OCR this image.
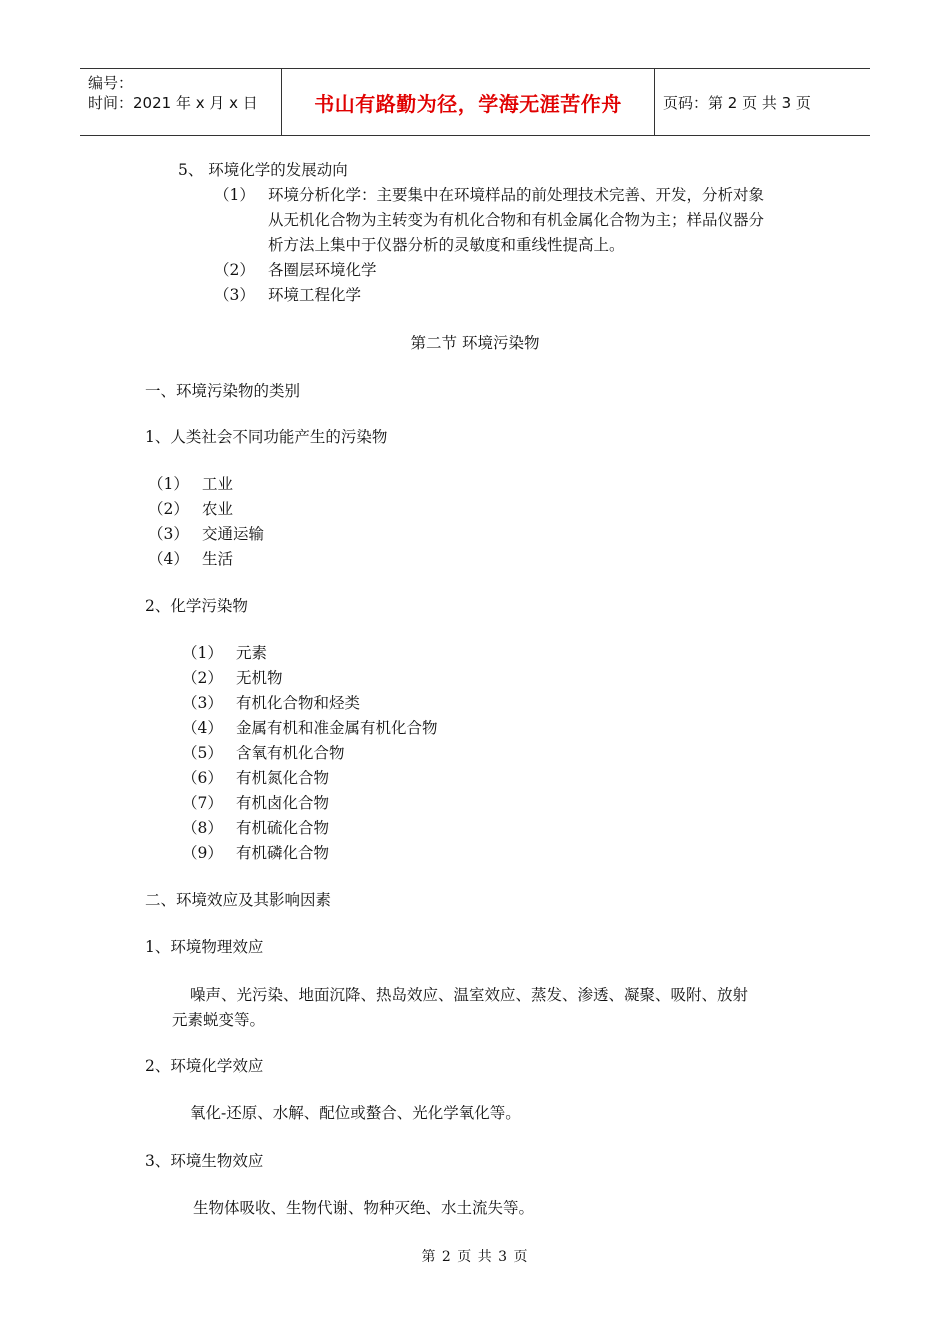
编号：
时间：2021 年 x 月 x 日	书山有路勤为径，学海无涯苦作舟	页码：第 2 页 共 3 页
5、 环境化学的发展动向
（1） 环境分析化学：主要集中在环境样品的前处理技术完善、开发，分析对象
从无机化合物为主转变为有机化合物和有机金属化合物为主；样品仪器分
析方法上集中于仪器分析的灵敏度和重线性提高上。
（2） 各圈层环境化学
（3） 环境工程化学
第二节 环境污染物
一、环境污染物的类别
1、人类社会不同功能产生的污染物
（1） 工业
（2） 农业
（3） 交通运输
（4） 生活
2、化学污染物
（1） 元素
（2） 无机物
（3） 有机化合物和烃类
（4） 金属有机和准金属有机化合物
（5） 含氧有机化合物
（6） 有机氮化合物
（7） 有机卤化合物
（8） 有机硫化合物
（9） 有机磷化合物
二、环境效应及其影响因素
1、环境物理效应
噪声、光污染、地面沉降、热岛效应、温室效应、蒸发、渗透、凝聚、吸附、放射
元素蜕变等。
2、环境化学效应
氧化-还原、水解、配位或螯合、光化学氧化等。
3、环境生物效应
生物体吸收、生物代谢、物种灭绝、水土流失等。
第 2 页 共 3 页
